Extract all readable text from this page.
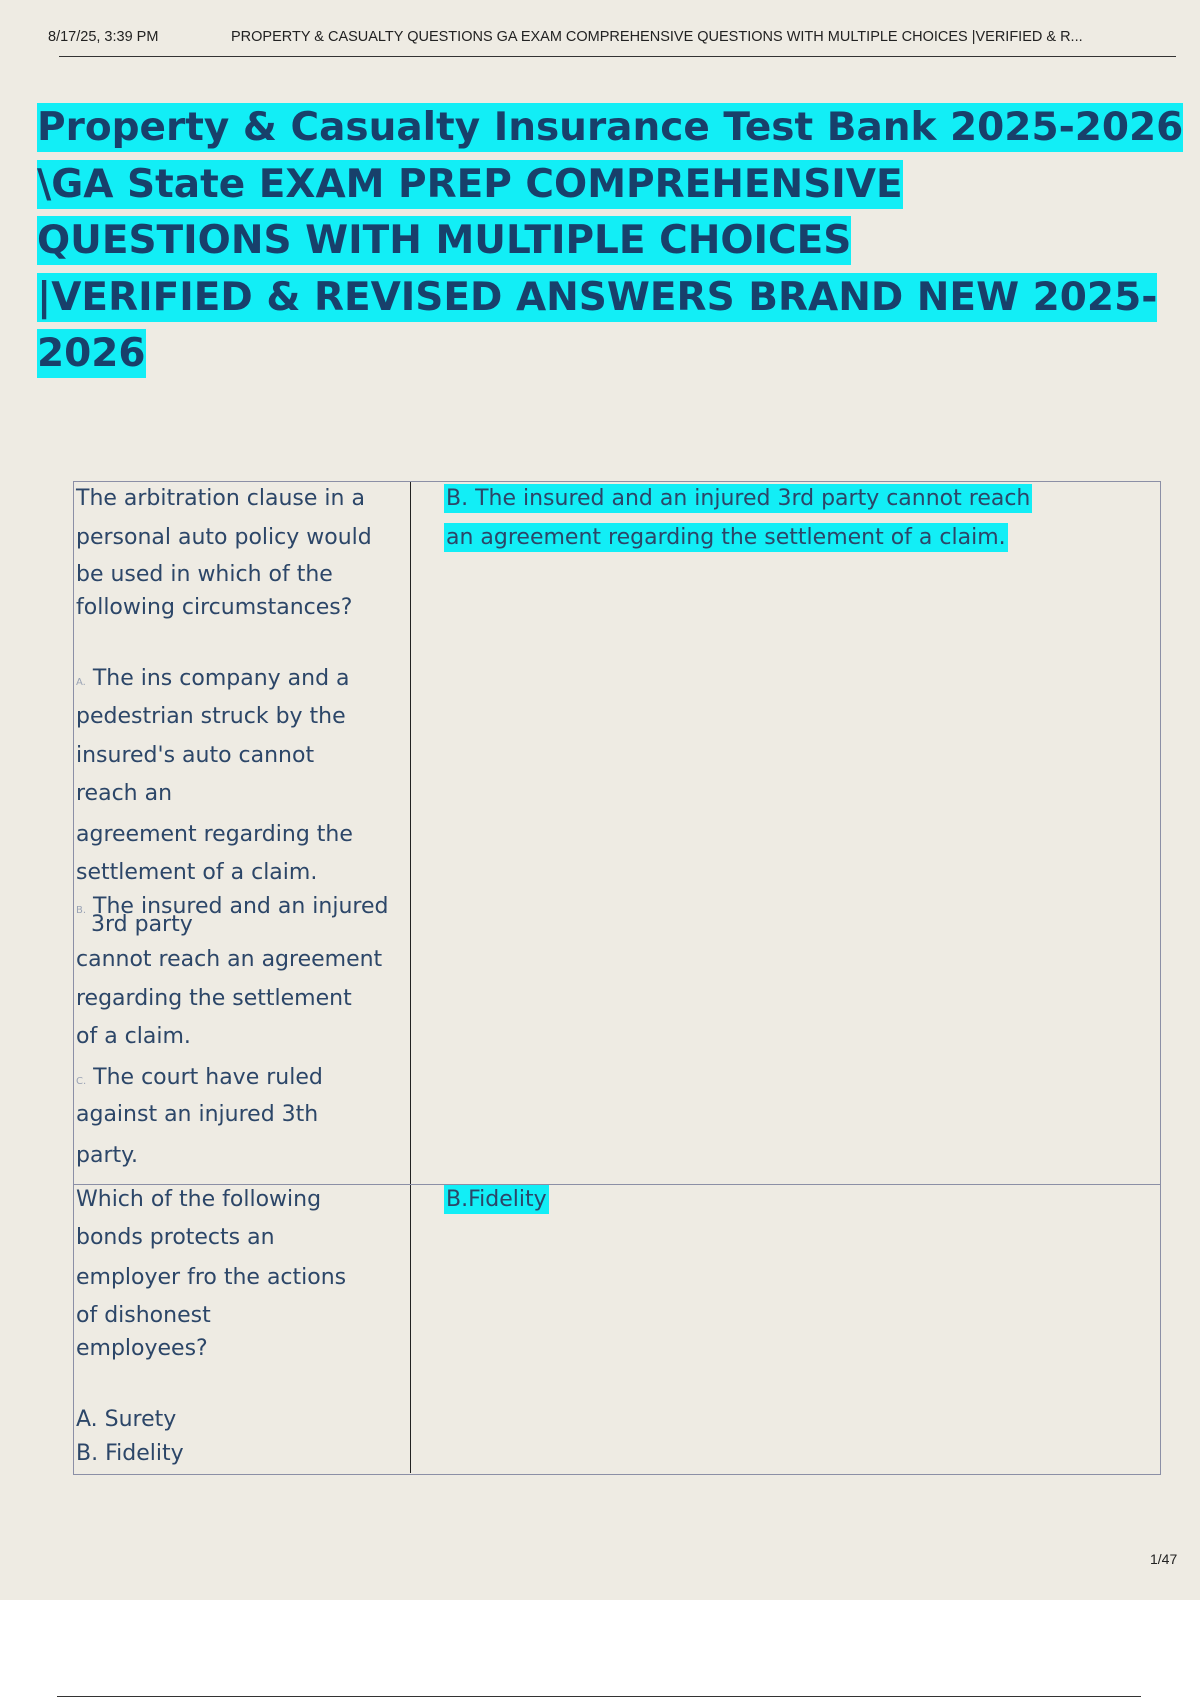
8/17/25, 3:39 PM	PROPERTY & CASUALTY QUESTIONS GA EXAM COMPREHENSIVE QUESTIONS WITH MULTIPLE CHOICES |VERIFIED & R...
Property & Casualty Insurance Test Bank 2025-2026
\GA State EXAM PREP COMPREHENSIVE
QUESTIONS WITH MULTIPLE CHOICES
|VERIFIED & REVISED ANSWERS BRAND NEW 2025-
2026

The arbitration clause in a

personal auto policy would

be used in which of the

following circumstances?

A. The ins company and a

pedestrian struck by the

insured's auto cannot

reach an

agreement regarding the

settlement of a claim.

B. The insured and an injured

3rd party

cannot reach an agreement

regarding the settlement

of a claim.

C. The court have ruled

against an injured 3th

party.

B. The insured and an injured 3rd party cannot reach
an agreement regarding the settlement of a claim.

Which of the following

bonds protects an

employer fro the actions

of dishonest

employees?

A. Surety

B. Fidelity

B.Fidelity
1/47
